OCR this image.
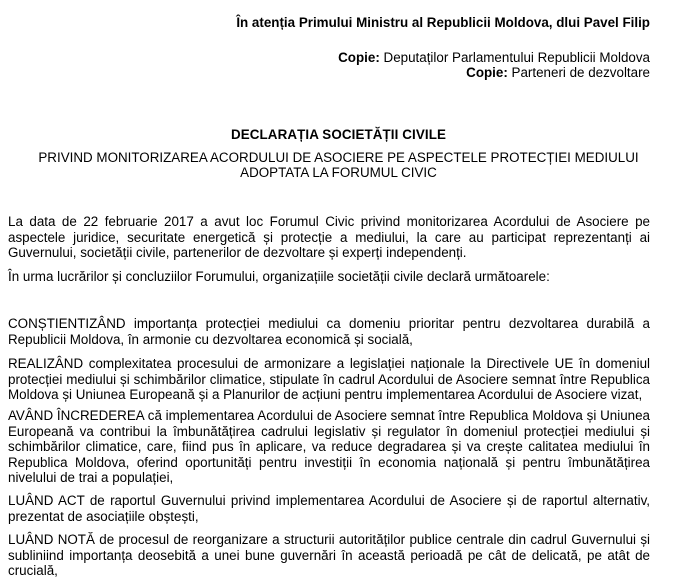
În atenția Primului Ministru al Republicii Moldova, dlui Pavel Filip
Copie: Deputaților Parlamentului Republicii Moldova
Copie: Parteneri de dezvoltare
DECLARAȚIA SOCIETĂȚII CIVILE
PRIVIND MONITORIZAREA ACORDULUI DE ASOCIERE PE ASPECTELE PROTECȚIEI MEDIULUI
ADOPTATA LA FORUMUL CIVIC
La data de 22 februarie 2017 a avut loc Forumul Civic privind monitorizarea Acordului de Asociere pe aspectele juridice, securitate energetică și protecție a mediului, la care au participat reprezentanți ai Guvernului, societății civile, partenerilor de dezvoltare și experți independenți.
În urma lucrărilor și concluziilor Forumului, organizațiile societății civile declară următoarele:
CONȘTIENTIZÂND importanța protecției mediului ca domeniu prioritar pentru dezvoltarea durabilă a Republicii Moldova, în armonie cu dezvoltarea economică și socială,
REALIZÂND complexitatea procesului de armonizare a legislației naționale la Directivele UE în domeniul protecției mediului și schimbărilor climatice, stipulate în cadrul Acordului de Asociere semnat între Republica Moldova și Uniunea Europeană și a Planurilor de acțiuni pentru implementarea Acordului de Asociere vizat,
AVÂND ÎNCREDEREA că implementarea Acordului de Asociere semnat între Republica Moldova și Uniunea Europeană va contribui la îmbunătățirea cadrului legislativ și regulator în domeniul protecției mediului și schimbărilor climatice, care, fiind pus în aplicare, va reduce degradarea și va crește calitatea mediului în Republica Moldova, oferind oportunități pentru investiții în economia națională și pentru îmbunătățirea nivelului de trai a populației,
LUÂND ACT de raportul Guvernului privind implementarea Acordului de Asociere și de raportul alternativ, prezentat de asociațiile obștești,
LUÂND NOTĂ de procesul de reorganizare a structurii autorităților publice centrale din cadrul Guvernului și subliniind importanța deosebită a unei bune guvernări în această perioadă pe cât de delicată, pe atât de crucială,
